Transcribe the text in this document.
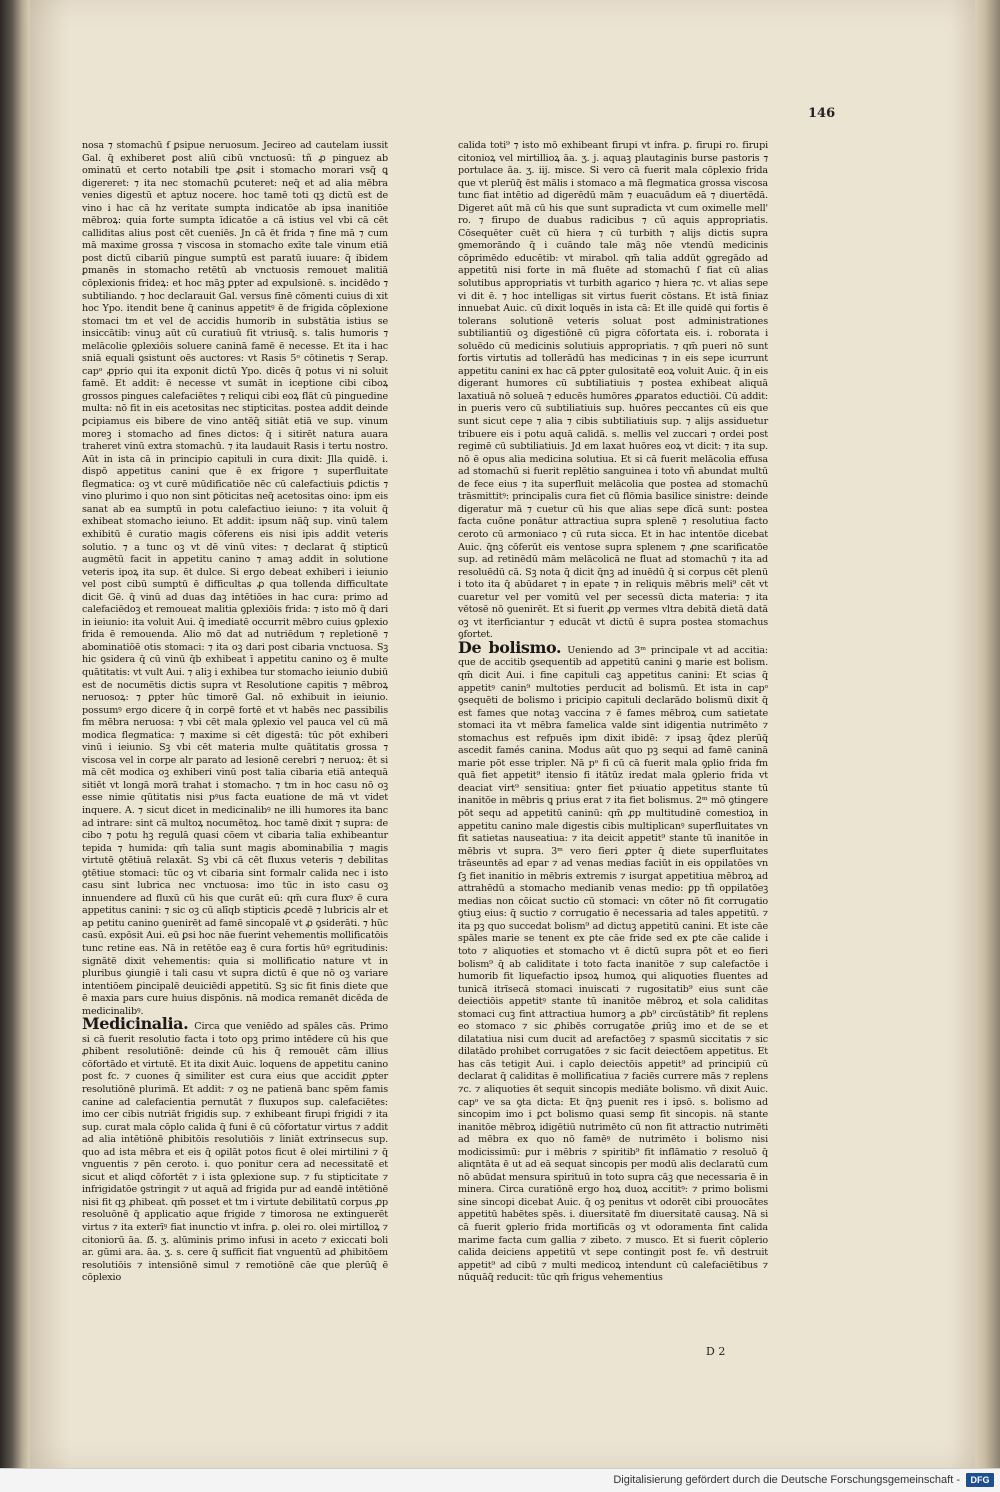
146

nosa ⁊ stomachū ẜ ꝑsipue neruosum. Jecireo ad cautelam iussit Gal. q̄ exhiberet ꝑost aliū cibū vnctuosū: tñ ꝓ pinguez ab ominatū et certo notabili tpe ꝓsit i stomacho morari vsq̄ ꝗ digereret: ⁊ ita nec stomachū ꝑcuteret: neq̄ et ad alia mēbra venies digestū et aptuz nocere. hoc tamē toti qꝫ dictū est de vino i hac cā hz veritate sumpta indicatōe ab ipsa inanitiōe mēbroꝝ: quia forte sumpta īdicatōe a cā istius vel vbi cā cēt calliditas alius post cēt cueniēs. Jn cā ēt frida ⁊ fine mā ⁊ cum mā maxime grossa ⁊ viscosa in stomacho exīte tale vinum etiā post dictū cibariū pingue sumptū est paratū iuuare: q̄ ibidem ꝑmanēs in stomacho retētū ab vnctuosis remouet malitiā cōplexionis frideꝝ: et hoc māꝫ ꝑpter ad expulsionē. s. incidēdo ⁊ subtiliando. ⁊ hoc declarauit Gal. versus finē cōmenti cuius di xit hoc Ypo. itendit bene q̄ caninus appetitꝰ ē de frigida cōplexione stomaci tm et vel de accidis humorib in substātia istius se insiccātib: vinuꝫ aūt cū curatiuū fit vtriusq̄. s. talis humoris ⁊ melācolie ꝯplexiōis soluere caninā famē ē necesse. Et ita i hac sniā equali ꝯsistunt oēs auctores: vt Rasis 5ᵒ cōtinetis ⁊ Serap. capᵒ ꝓprio qui ita exponit dictū Ypo. dicēs q̄ potus vi ni soluit famē. Et addit: ē necesse vt sumāt in iceptione cibi ciboꝝ grossos pingues calefaciētes ⁊ reliqui cibi eoꝝ flāt cū pinguedine multa: nō fit in eis acetositas nec stipticitas. postea addit deinde ꝑcipiamus eis bibere de vino antēq̄ sitiāt etiā ve sup. vinum moreꝫ i stomacho ad fines dictos: q̄ i sitirēt natura auara traheret vinū extra stomachū. ⁊ ita laudauit Rasis i tertu nostro. Aūt in ista cā in principio capituli in cura dixit: Jlla quidē. i. dispō appetitus canini que ē ex frigore ⁊ superfluitate flegmatica: oꝫ vt curē mūdificatiōe nēc cū calefactiuis ꝑdictis ⁊ vino plurimo i quo non sint ꝑōticitas neq̄ acetositas oino: ipm eis sanat ab ea sumptū in potu calefactiuo ieiuno: ⁊ ita voluit q̄ exhibeat stomacho ieiuno. Et addit: ipsum nāq̄ sup. vinū talem exhibitū ē curatio magis cōferens eis nisi ipis addit veteris solutio. ⁊ a tunc oꝫ vt dē vinū vites: ⁊ declarat q̄ stipticū augmētū facit in appetitu canino ⁊ amaꝫ addit in solutione veteris ipoꝝ ita sup. ēt dulce. Si ergo debeat exhiberi i ieiunio vel post cibū sumptū ē difficultas ꝓ qua tollenda difficultate dicit Gē. q̄ vinū ad duas daꝫ intētiōes in hac cura: primo ad calefaciēdoꝫ et remoueat malitia ꝯplexiōis frida: ⁊ isto mō q̄ dari in ieiunio: ita voluit Aui. q̄ imediatē occurrit mēbro cuius ꝯplexio frida ē remouenda. Alio mō dat ad nutriēdum ⁊ repletionē ⁊ abominatiōē otis stomaci: ⁊ ita oꝫ dari post cibaria vnctuosa. Sꝫ hic ꝯsidera q̄ cū vinū q̄b exhibeat ī appetitu canino oꝫ ē multe quātitatis: vt vult Aui. ⁊ aliꝫ i exhibea tur stomacho ieiunio dubiū est de nocumētis dictis supra vt Resolutione capitis ⁊ mēbroꝝ neruosoꝝ: ⁊ ꝑpter hūc timorē Gal. nō exhibuit in ieiunio. possumꝰ ergo dicere q̄ in corpē fortē et vt habēs nec ꝑassibilis fm mēbra neruosa: ⁊ vbi cēt mala ꝯplexio vel pauca vel cū mā modica flegmatica: ⁊ maxime si cēt digestā: tūc pōt exhiberi vinū i ieiunio. Sꝫ vbi cēt materia multe quātitatis grossa ⁊ viscosa vel in corpe alr parato ad lesionē cerebri ⁊ neruoꝝ: ēt si mā cēt modica oꝫ exhiberi vinū post talia cibaria etiā antequā sitiēt vt longā morā trahat i stomacho. ⁊ tm in hoc casu nō oꝫ esse nimie qūtitatis nisi pꝰus facta euatione de mā vt videt inquere. A. ⁊ sicut dicet in medicinalibꝰ ne illi humores ita banc ad intrare: sint cā multoꝝ nocumētoꝝ. hoc tamē dixit ⁊ supra: de cibo ⁊ potu hꝫ regulā quasi cōem vt cibaria talia exhibeantur tepida ⁊ humida: qm̄ talia sunt magis abominabilia ⁊ magis virtutē ꝯtētiuā relaxāt. Sꝫ vbi cā cēt fluxus veteris ⁊ debilitas ꝯtētiue stomaci: tūc oꝫ vt cibaria sint formalr calida nec i isto casu sint lubrica nec vnctuosa: imo tūc in isto casu oꝫ innuendere ad fluxū cū his que curāt eū: qm̄ cura fluxꝰ ē cura appetitus canini: ⁊ sic oꝫ cū alīqb stipticis ꝓcedē ⁊ lubricis alr et ap petitu canino ꝯuenirēt ad famē sincopalē vt ꝓ ꝯsiderāti. ⁊ hūc casū. expōsit Aui. eū ꝑsi hoc nāe fuerint vehementis mollificatōis tunc retine eas. Nā in retētōe eaꝫ ē cura fortis hūꝰ egritudinis: signātē dixit vehementis: quia si mollificatio nature vt in pluribus ꝯiungiē i tali casu vt supra dictū ē que nō oꝫ variare intentiōem ꝑincipalē deuiciēdi appetitū. Sꝫ sic fit finis diete que ē maxia pars cure huius dispōnis. nā modica remanēt dicēda de medicinalibꝰ.

Medicinalia. Circa que veniēdo ad spāles cās. Primo si cā fuerit resolutio facta i toto opꝫ primo intēdere cū his que ꝓhibent resolutiōnē: deinde cū his q̄ remouēt cām illius cōfortādo et virtutē. Et ita dixit Auic. loquens de appetitu canino post fc. ⁊ cuones q̄ similiter est cura eius que accidit ꝓpter resolutiōnē plurimā. Et addit: ⁊ oꝫ ne patienā banc spēm famis canine ad calefacientia pernutāt ⁊ fluxupos sup. calefaciētes: imo cer cibis nutriāt frigidis sup. ⁊ exhibeant firupi frigidi ⁊ ita sup. curat mala cōplo calida q̄ funi ē cū cōfortatur virtus ⁊ addit ad alia intētiōnē ꝑhibitōis resolutiōis ⁊ liniāt extrinsecus sup. quo ad ista mēbra et eis q̄ oꝑilāt potos ficut ē olei mirtilini ⁊ q̄ vnguentis ⁊ pēn ceroto. i. quo ponitur cera ad necessitatē et sicut et aliqd cōfortēt ⁊ i ista ꝯplexione sup. ⁊ fu stipticitate ⁊ infrigidatōe ꝯstringit ⁊ ut aquā ad frigida pur ad eandē intētiōnē nisi fit qꝫ ꝓhibeat. qm̄ posset et tm i virtute debilitatū corpus ꝓp resoluōnē q̄ applicatio aque frigide ⁊ timorosa ne extinguerēt virtus ⁊ ita exterīꝰ fiat inunctio vt infra. ꝑ. olei ro. olei mirtilloꝝ ⁊ citoniorū āa. ẞ. ʒ. alūminis primo infusi in aceto ⁊ exiccati boli ar. gūmi ara. āa. ʒ. s. cere q̄ sufficit fiat vnguentū ad ꝓhibitōem resolutiōis ⁊ intensiōnē simul ⁊ remotiōnē cāe que plerūq̄ ē cōplexio

calida toti⁹ ⁊ isto mō exhibeant firupi vt infra. ꝑ. firupi ro. firupi citonioꝝ vel mirtillioꝝ āa. ʒ. j. aquaꝫ plautaginis burse pastoris ⁊ portulace āa. ʒ. iij. misce. Si vero cā fuerit mala cōplexio frida que vt plerūq̄ ēst mālis i stomaco a mā flegmatica grossa viscosa tunc fiat intētio ad digerēdū mām ⁊ euacuādum eā ⁊ diuertēdā. Digeret aūt mā cū his que sunt supradicta vt cum oximelle mell' ro. ⁊ firupo de duabus radicibus ⁊ cū aquis appropriatis. Cōsequēter cuēt cū hiera ⁊ cū turbith ⁊ alijs dictis supra ꝯmemorāndo q̄ i cuāndo tale māꝫ nōe vtendū medicinis cōprimēdo educētib: vt mirabol. qm̄ talia addūt ꝯgregādo ad appetitū nisi forte in mā fluēte ad stomachū ſ fiat cū alias solutibus appropriatis vt turbith agarico ⁊ hiera ⁊c. vt alias sepe vi dit ē. ⁊ hoc intelligas sit virtus fuerit cōstans. Et istā finiaz innuebat Auic. cū dixit loquēs in ista cā: Et ille quidē qui fortis ē tolerans solutionē veteris soluat post administrationes subtiliantiū oꝫ digestiōnē cū pigra cōfortata eis. i. roborata i soluēdo cū medicinis solutiuis appropriatis. ⁊ qm̄ pueri nō sunt fortis virtutis ad tollerādū has medicinas ⁊ in eis sepe icurrunt appetitu canini ex hac cā ꝑpter gulositatē eoꝝ voluit Auic. q̄ in eis digerant humores cū subtiliatiuis ⁊ postea exhibeat aliquā laxatiuā nō solueā ⁊ educēs humōres ꝓparatos eductiōi. Cū addit: in pueris vero cū subtiliatiuis sup. huōres peccantes cū eis que sunt sicut cepe ⁊ alia ⁊ cibis subtiliatiuis sup. ⁊ alijs assiduetur tribuere eis i potu aquā calidā. s. mellis vel zuccari ⁊ ordei post regimē cū subtiliatiuis. Jd em laxat huōres eoꝝ vt dicit: ⁊ ita sup. nō ē opus alia medicina solutiua. Et si cā fuerit melācolia effusa ad stomachū si fuerit replētio sanguinea i toto vñ abundat multū de fece eius ⁊ ita superfluit melācolia que postea ad stomachū trāsmittitꝰ: principalis cura fiet cū flōmia basilice sinistre: deinde digeratur mā ⁊ cuetur cū his que alias sepe dīcā sunt: postea facta cuōne ponātur attractiua supra splenē ⁊ resolutiua facto ceroto cū armoniaco ⁊ cū ruta sicca. Et in hac intentōe dicebat Auic. q̄nꝫ cōferūt eis ventose supra splenem ⁊ ꝓne scarificatōe sup. ad retinēdū mām melācolicā ne fluat ad stomachū ⁊ ita ad resoluēdū cā. Sꝫ nota q̄ dicit q̄nꝫ ad inuēdū q̄ si corpus cēt plenū i toto ita q̄ abūdaret ⁊ in epate ⁊ in reliquis mēbris meli⁹ cēt vt cuaretur vel per vomitū vel per secessū dicta materia: ⁊ ita vētosē nō ꝯuenirēt. Et si fuerit ꝓp vermes vltra debitā dietā datā oꝫ vt iterficiantur ⁊ educāt vt dictū ē supra postea stomachus ꝯfortet.

De bolismo. Ueniendo ad 3ᵐ principale vt ad accitia: que de accitib ꝯsequentib ad appetitū canini ꝯ marie est bolism. qm̄ dicit Aui. i fine capituli caꝫ appetitus canini: Et scias q̄ appetitꝰ canin⁹ multoties perducit ad bolismū. Et ista in capᵒ ꝯsequēti de bolismo i pricipio capituli declarādo bolismū dixit q̄ est fames que notaꝫ vaccina ⁊ ē fames mēbroꝝ cum satietate stomaci ita vt mēbra famelica valde sint idigentia nutrimēto ⁊ stomachus est refpuēs ipm dixit ibidē: ⁊ ipsaꝫ q̄dez plerūq̄ ascedit famés canina. Modus aūt quo pꝫ sequi ad famē caninā marie pōt esse tripler. Nā pᵒ fi cū cā fuerit mala ꝯplio frida fm quā fiet appetit⁹ itensio fi itātūz iredat mala ꝯplerio frida vt deaciat virt⁹ sensitiua: ꝯnter fiet pꝛiuatio appetitus stante tū inanitōe in mēbris ꝗ prius erat ⁊ ita fiet bolismus. 2ᵐ mō ꝯtingere pōt sequ ad appetitū caninū: qm̄ ꝓp multitudinē comestioꝝ in appetitu canino male digestis cibis multiplicanꝰ superfluitates vn fit satietas nauseatiua: ⁊ ita deicit appetit⁹ stante tū inanitōe in mēbris vt supra. 3ᵐ vero fieri ꝓpter q̄ diete superfluitates trāseuntēs ad epar ⁊ ad venas medias faciūt in eis oppilatōes vn ſꝫ fiet inanitio in mēbris extremis ⁊ isurgat appetitiua mēbroꝝ ad attrahēdū a stomacho medianib venas medio: ꝑp tñ oppilatōeꝫ medias non cōicat suctio cū stomaci: vn cōter nō fit corrugatio ꝯtiuꝫ eius: q̄ suctio ⁊ corrugatio ē necessaria ad tales appetitū. ⁊ ita pꝫ quo succedat bolism⁹ ad dictuꝫ appetitū canini. Et iste cāe spāles marie se tenent ex ꝑte cāe fride sed ex ꝑte cāe calide i toto ⁊ aliquoties et stomacho vt ē dictū supra pōt et eo fieri bolism⁹ q̄ ab caliditate i toto facta inanitōe ⁊ sup calefactōe i humorib fit liquefactio ipsoꝝ humoꝝ qui aliquoties fluentes ad tunicā itrīsecā stomaci inuiscati ⁊ rugositatib⁹ eius sunt cāe deiectiōis appetitꝰ stante tū inanitōe mēbroꝝ et sola caliditas stomaci cuꝫ fint attractiua humorꝫ a ꝓb⁹ circūstātib⁹ fit replens eo stomaco ⁊ sic ꝓhibēs corrugatōe ꝓriūꝫ imo et de se et dilatatiua nisi cum ducit ad arefactōeꝫ ⁊ spasmū siccitatis ⁊ sic dilatādo prohibet corrugatōes ⁊ sic facit deiectōem appetitus. Et has cās tetigit Aui. i caplo deiectōis appetit⁹ ad principiū cū declarat q̄ caliditas ē mollificatiua ⁊ faciēs currere mās ⁊ replens ⁊c. ⁊ aliquoties ēt sequit sincopis mediāte bolismo. vñ dixit Auic. capᵒ ve sa ꝯta dicta: Et q̄nꝫ ꝑuenit res i ipsō. s. bolismo ad sincopim imo i ꝑct bolismo quasi semꝑ fit sincopis. nā stante inanitōe mēbroꝝ idigētiū nutrimēto cū non fit attractio nutrimēti ad mēbra ex quo nō famēꝰ de nutrimēto i bolismo nisi modicissimū: ꝑur i mēbris ⁊ spiritib⁹ fit inflāmatio ⁊ resoluō q̄ aliqntāta ē ut ad eā sequat sincopis per modū alis declaratū cum nō abūdat mensura spirituū in toto supra cāꝫ que necessaria ē in minera. Circa curatiōnē ergo hoꝝ duoꝝ accititꝰ: ⁊ primo bolismi sine sincopi dicebat Auic. q̄ oꝫ penitus vt odorēt cibi prouocātes appetitū habētes spēs. i. diuersitatē fm diuersitatē causaꝫ. Nā si cā fuerit ꝯplerio frida mortificās oꝫ vt odoramenta fint calida marime facta cum gallia ⁊ zibeto. ⁊ musco. Et si fuerit cōplerio calida deiciens appetitū vt sepe contingit post fe. vñ destruit appetit⁹ ad cibū ⁊ multi medicoꝝ intendunt cū calefaciētibus ⁊ nūquāq̄ reducit: tūc qm̄ frigus vehementius

D 2
Digitalisierung gefördert durch die Deutsche Forschungsgemeinschaft -	DFG
